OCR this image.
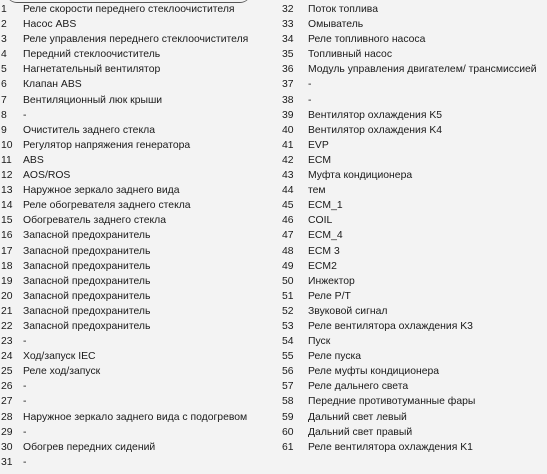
1	Реле скорости переднего стеклоочистителя
2	Насос ABS
3	Реле управления переднего стеклоочистителя
4	Передний стеклоочиститель
5	Нагнетательный вентилятор
6	Клапан ABS
7	Вентиляционный люк крыши
8	-
9	Очиститель заднего стекла
10	Регулятор напряжения генератора
11	ABS
12	AOS/ROS
13	Наружное зеркало заднего вида
14	Реле обогревателя заднего стекла
15	Обогреватель заднего стекла
16	Запасной предохранитель
17	Запасной предохранитель
18	Запасной предохранитель
19	Запасной предохранитель
20	Запасной предохранитель
21	Запасной предохранитель
22	Запасной предохранитель
23	-
24	Ход/запуск IEC
25	Реле ход/запуск
26	-
27	-
28	Наружное зеркало заднего вида с подогревом
29	-
30	Обогрев передних сидений
31	-
32	Поток топлива
33	Омыватель
34	Реле топливного насоса
35	Топливный насос
36	Модуль управления двигателем/ трансмиссией
37	-
38	-
39	Вентилятор охлаждения K5
40	Вентилятор охлаждения K4
41	EVP
42	ECM
43	Муфта кондиционера
44	тем
45	ECM_1
46	COIL
47	ECM_4
48	ECM 3
49	ECM2
50	Инжектор
51	Реле Р/Т
52	Звуковой сигнал
53	Реле вентилятора охлаждения K3
54	Пуск
55	Реле пуска
56	Реле муфты кондиционера
57	Реле дальнего света
58	Передние противотуманные фары
59	Дальний свет левый
60	Дальний свет правый
61	Реле вентилятора охлаждения K1
